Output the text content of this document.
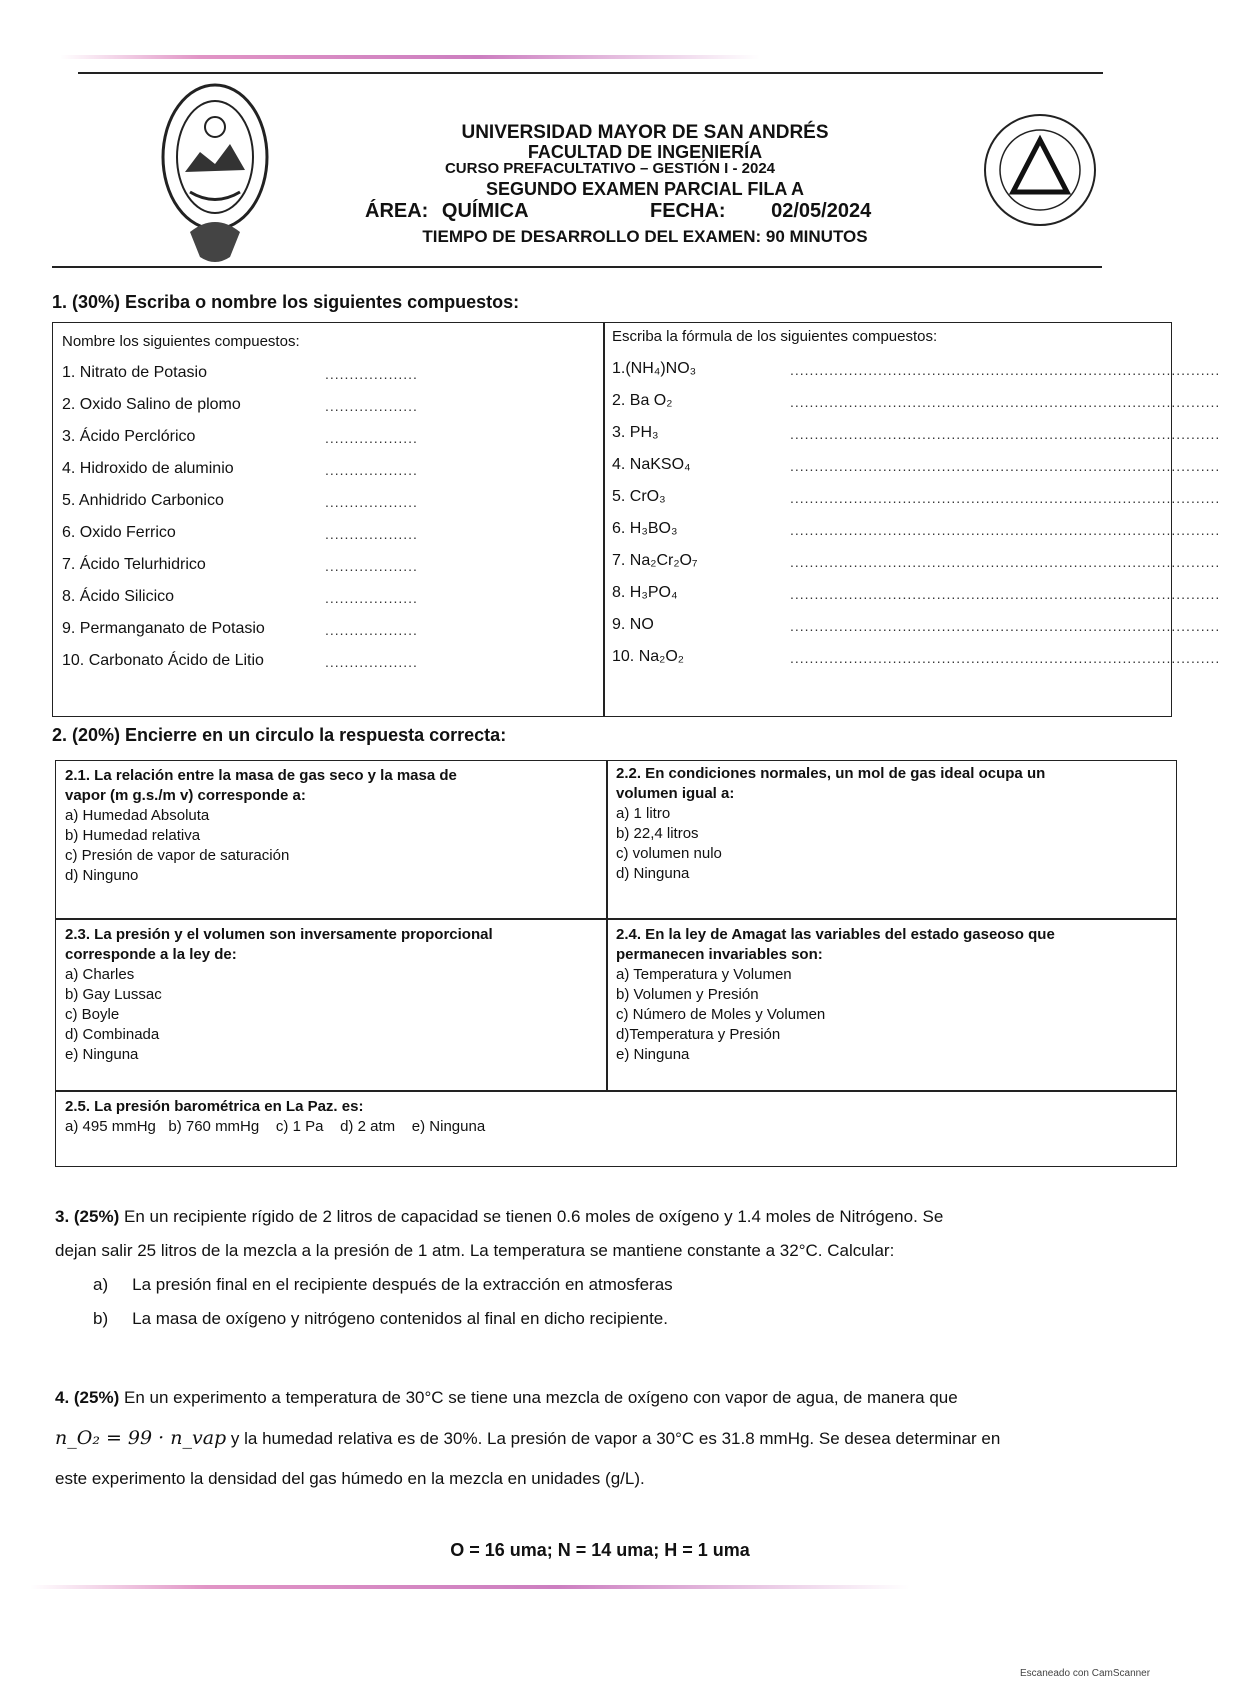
UNIVERSIDAD MAYOR DE SAN ANDRÉS
FACULTAD DE INGENIERÍA
CURSO PREFACULTATIVO – GESTIÓN I - 2024
SEGUNDO EXAMEN PARCIAL FILA A
ÁREA: QUÍMICA	FECHA: 02/05/2024
TIEMPO DE DESARROLLO DEL EXAMEN: 90 MINUTOS
1. (30%) Escriba o nombre los siguientes compuestos:
Nombre los siguientes compuestos:	Escriba la fórmula de los siguientes compuestos:
1. Nitrato de Potasio	...................
2. Oxido Salino de plomo	...................
3. Ácido Perclórico	...................
4. Hidroxido de aluminio	...................
5. Anhidrido Carbonico	...................
6. Oxido Ferrico	...................
7. Ácido Telurhidrico	...................
8. Ácido Silicico	...................
9. Permanganato de Potasio	...................
10. Carbonato Ácido de Litio	...................
1.(NH₄)NO₃	........................................................................................
2. Ba O₂	........................................................................................
3. PH₃	........................................................................................
4. NaKSO₄	........................................................................................
5. CrO₃	........................................................................................
6. H₃BO₃	........................................................................................
7. Na₂Cr₂O₇	........................................................................................
8. H₃PO₄	........................................................................................
9. NO	........................................................................................
10. Na₂O₂	........................................................................................
2. (20%) Encierre en un circulo la respuesta correcta:
2.1. La relación entre la masa de gas seco y la masa de
vapor (m g.s./m v) corresponde a:
a) Humedad Absoluta
b) Humedad relativa
c) Presión de vapor de saturación
d) Ninguno
2.2. En condiciones normales, un mol de gas ideal ocupa un
volumen igual a:
a) 1 litro
b) 22,4 litros
c) volumen nulo
d) Ninguna
2.3. La presión y el volumen son inversamente proporcional
corresponde a la ley de:
a) Charles
b) Gay Lussac
c) Boyle
d) Combinada
e) Ninguna
2.4. En la ley de Amagat las variables del estado gaseoso que
permanecen invariables son:
a) Temperatura y Volumen
b) Volumen y Presión
c) Número de Moles y Volumen
d)Temperatura y Presión
e) Ninguna
2.5. La presión barométrica en La Paz. es:
a) 495 mmHg   b) 760 mmHg    c) 1 Pa    d) 2 atm    e) Ninguna
3. (25%) En un recipiente rígido de 2 litros de capacidad se tienen 0.6 moles de oxígeno y 1.4 moles de Nitrógeno. Se
dejan salir 25 litros de la mezcla a la presión de 1 atm. La temperatura se mantiene constante a 32°C. Calcular:
a) La presión final en el recipiente después de la extracción en atmosferas
b) La masa de oxígeno y nitrógeno contenidos al final en dicho recipiente.
4. (25%) En un experimento a temperatura de 30°C se tiene una mezcla de oxígeno con vapor de agua, de manera que
n_O₂ = 99 · n_vap y la humedad relativa es de 30%. La presión de vapor a 30°C es 31.8 mmHg. Se desea determinar en
este experimento la densidad del gas húmedo en la mezcla en unidades (g/L).
O = 16 uma; N = 14 uma; H = 1 uma
Escaneado con CamScanner
